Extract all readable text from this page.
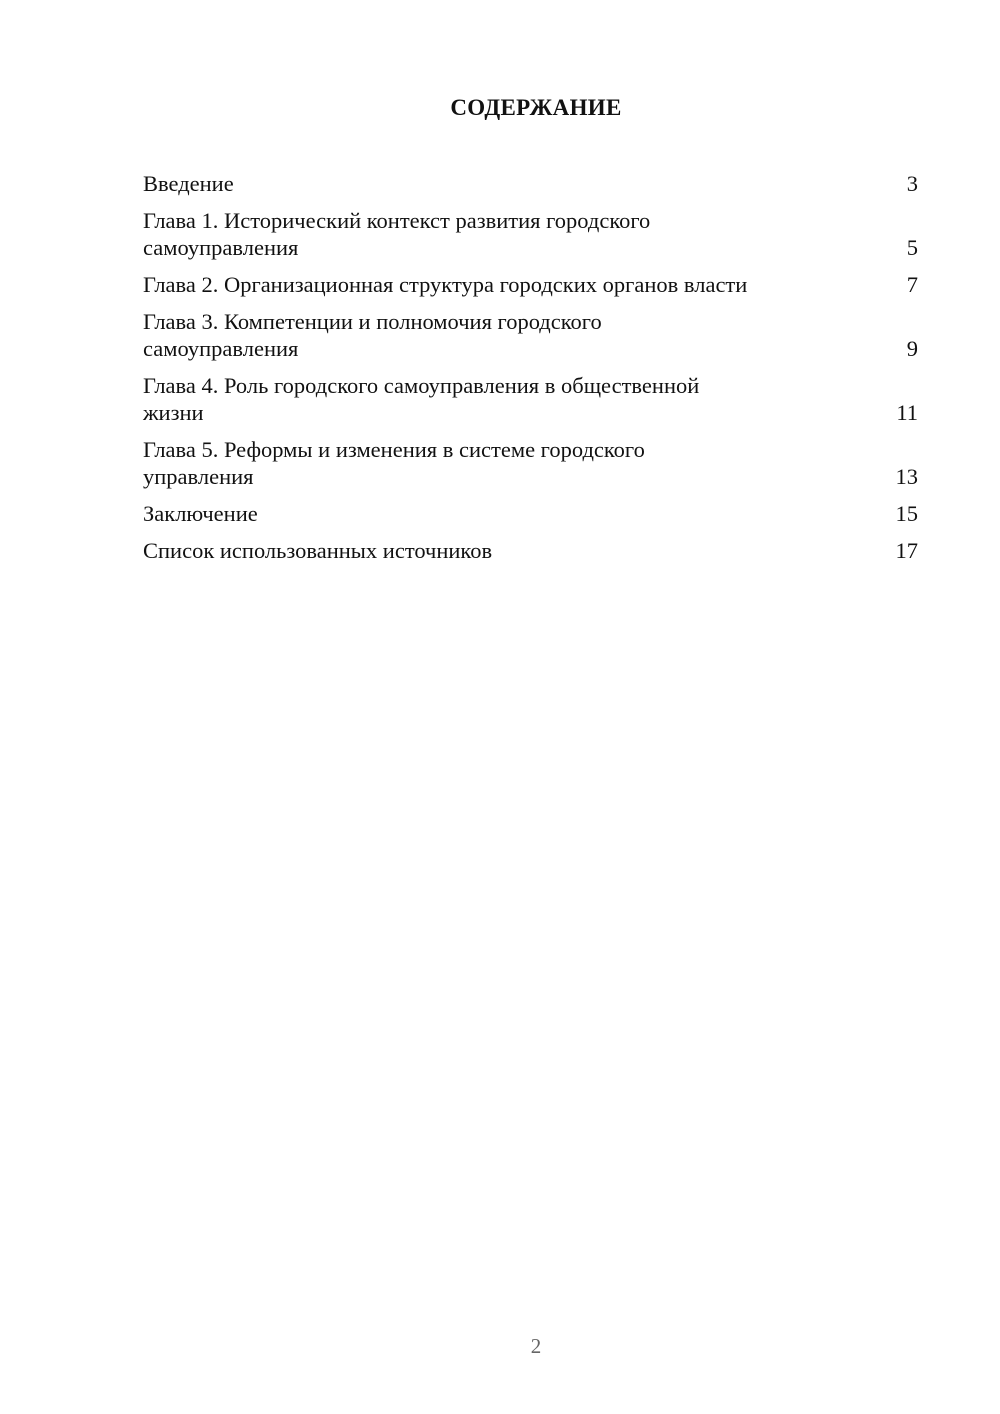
СОДЕРЖАНИЕ
Введение	3
Глава 1. Исторический контекст развития городского
самоуправления	5
Глава 2. Организационная структура городских органов власти	7
Глава 3. Компетенции и полномочия городского
самоуправления	9
Глава 4. Роль городского самоуправления в общественной
жизни	11
Глава 5. Реформы и изменения в системе городского
управления	13
Заключение	15
Список использованных источников	17
2
